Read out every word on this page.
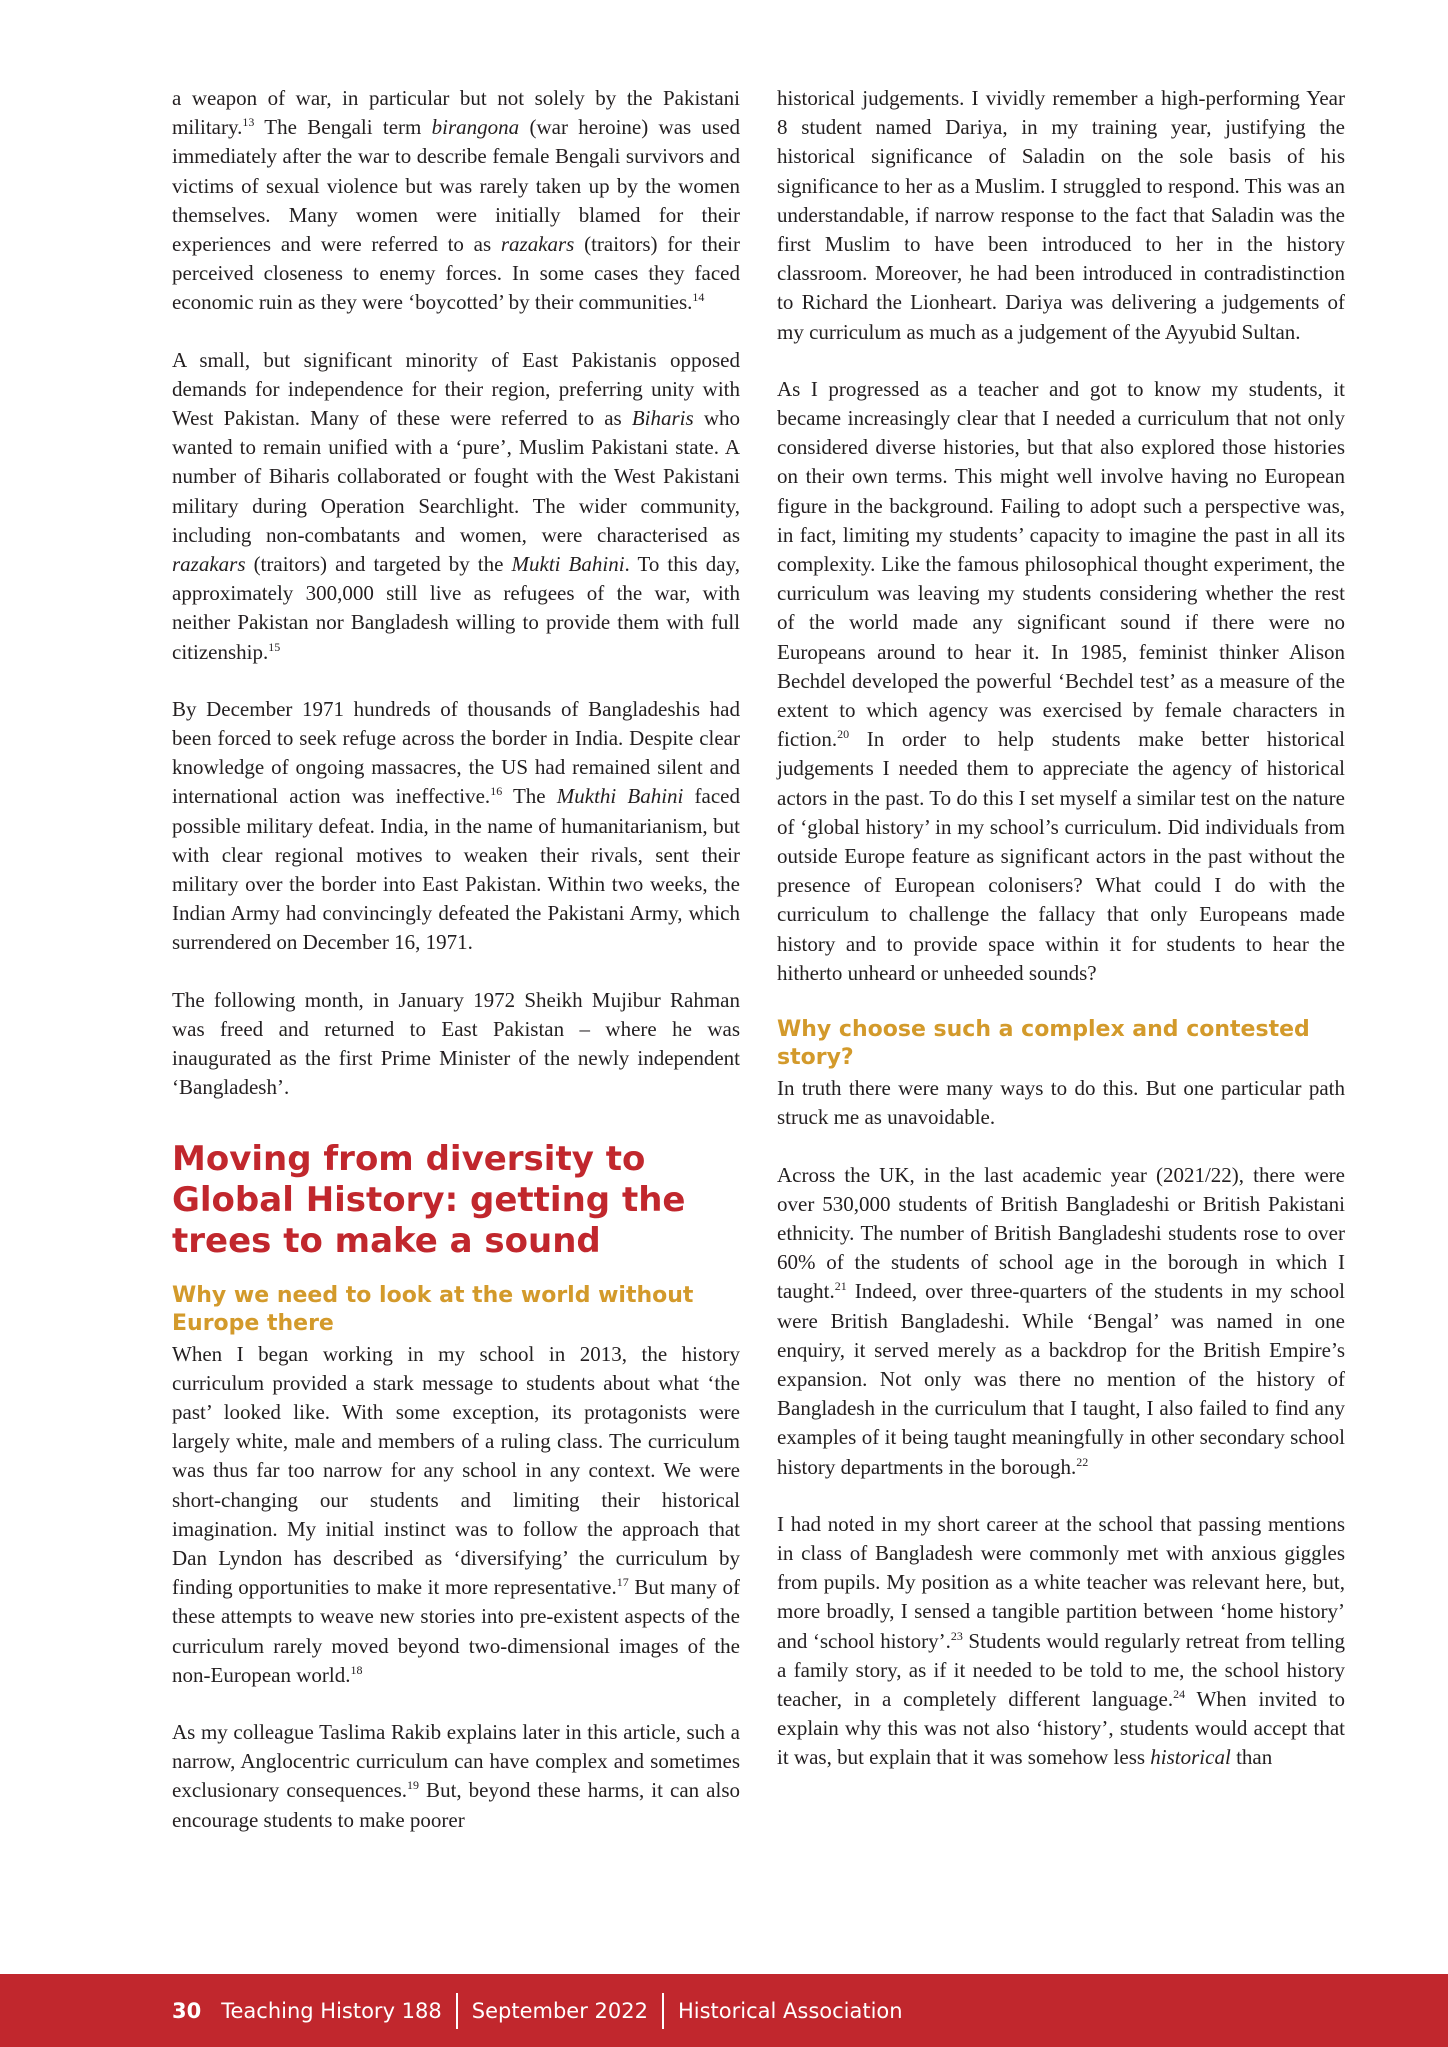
a weapon of war, in particular but not solely by the Pakistani military.$^{13}$ The Bengali term birangona (war heroine) was used immediately after the war to describe female Bengali survivors and victims of sexual violence but was rarely taken up by the women themselves. Many women were initially blamed for their experiences and were referred to as razakars (traitors) for their perceived closeness to enemy forces. In some cases they faced economic ruin as they were ‘boycotted’ by their communities.$^{14}$

A small, but significant minority of East Pakistanis opposed demands for independence for their region, preferring unity with West Pakistan. Many of these were referred to as Biharis who wanted to remain unified with a ‘pure’, Muslim Pakistani state. A number of Biharis collaborated or fought with the West Pakistani military during Operation Searchlight. The wider community, including non-combatants and women, were characterised as razakars (traitors) and targeted by the Mukti Bahini. To this day, approximately 300,000 still live as refugees of the war, with neither Pakistan nor Bangladesh willing to provide them with full citizenship.$^{15}$

By December 1971 hundreds of thousands of Bangladeshis had been forced to seek refuge across the border in India. Despite clear knowledge of ongoing massacres, the US had remained silent and international action was ineffective.$^{16}$ The Mukthi Bahini faced possible military defeat. India, in the name of humanitarianism, but with clear regional motives to weaken their rivals, sent their military over the border into East Pakistan. Within two weeks, the Indian Army had convincingly defeated the Pakistani Army, which surrendered on December 16, 1971.

The following month, in January 1972 Sheikh Mujibur Rahman was freed and returned to East Pakistan – where he was inaugurated as the first Prime Minister of the newly independent ‘Bangladesh’.

Moving from diversity to Global History: getting the trees to make a sound
Why we need to look at the world without Europe there

When I began working in my school in 2013, the history curriculum provided a stark message to students about what ‘the past’ looked like. With some exception, its protagonists were largely white, male and members of a ruling class. The curriculum was thus far too narrow for any school in any context. We were short-changing our students and limiting their historical imagination. My initial instinct was to follow the approach that Dan Lyndon has described as ‘diversifying’ the curriculum by finding opportunities to make it more representative.$^{17}$ But many of these attempts to weave new stories into pre-existent aspects of the curriculum rarely moved beyond two-dimensional images of the non-European world.$^{18}$

As my colleague Taslima Rakib explains later in this article, such a narrow, Anglocentric curriculum can have complex and sometimes exclusionary consequences.$^{19}$ But, beyond these harms, it can also encourage students to make poorer

historical judgements. I vividly remember a high-performing Year 8 student named Dariya, in my training year, justifying the historical significance of Saladin on the sole basis of his significance to her as a Muslim. I struggled to respond. This was an understandable, if narrow response to the fact that Saladin was the first Muslim to have been introduced to her in the history classroom. Moreover, he had been introduced in contradistinction to Richard the Lionheart. Dariya was delivering a judgements of my curriculum as much as a judgement of the Ayyubid Sultan.

As I progressed as a teacher and got to know my students, it became increasingly clear that I needed a curriculum that not only considered diverse histories, but that also explored those histories on their own terms. This might well involve having no European figure in the background. Failing to adopt such a perspective was, in fact, limiting my students’ capacity to imagine the past in all its complexity. Like the famous philosophical thought experiment, the curriculum was leaving my students considering whether the rest of the world made any significant sound if there were no Europeans around to hear it. In 1985, feminist thinker Alison Bechdel developed the powerful ‘Bechdel test’ as a measure of the extent to which agency was exercised by female characters in fiction.$^{20}$ In order to help students make better historical judgements I needed them to appreciate the agency of historical actors in the past. To do this I set myself a similar test on the nature of ‘global history’ in my school’s curriculum. Did individuals from outside Europe feature as significant actors in the past without the presence of European colonisers? What could I do with the curriculum to challenge the fallacy that only Europeans made history and to provide space within it for students to hear the hitherto unheard or unheeded sounds?

Why choose such a complex and contested story?

In truth there were many ways to do this. But one particular path struck me as unavoidable.

Across the UK, in the last academic year (2021/22), there were over 530,000 students of British Bangladeshi or British Pakistani ethnicity. The number of British Bangladeshi students rose to over 60% of the students of school age in the borough in which I taught.$^{21}$ Indeed, over three-quarters of the students in my school were British Bangladeshi. While ‘Bengal’ was named in one enquiry, it served merely as a backdrop for the British Empire’s expansion. Not only was there no mention of the history of Bangladesh in the curriculum that I taught, I also failed to find any examples of it being taught meaningfully in other secondary school history departments in the borough.$^{22}$

I had noted in my short career at the school that passing mentions in class of Bangladesh were commonly met with anxious giggles from pupils. My position as a white teacher was relevant here, but, more broadly, I sensed a tangible partition between ‘home history’ and ‘school history’.$^{23}$ Students would regularly retreat from telling a family story, as if it needed to be told to me, the school history teacher, in a completely different language.$^{24}$ When invited to explain why this was not also ‘history’, students would accept that it was, but explain that it was somehow less historical than

30 Teaching History 188 September 2022 Historical Association
